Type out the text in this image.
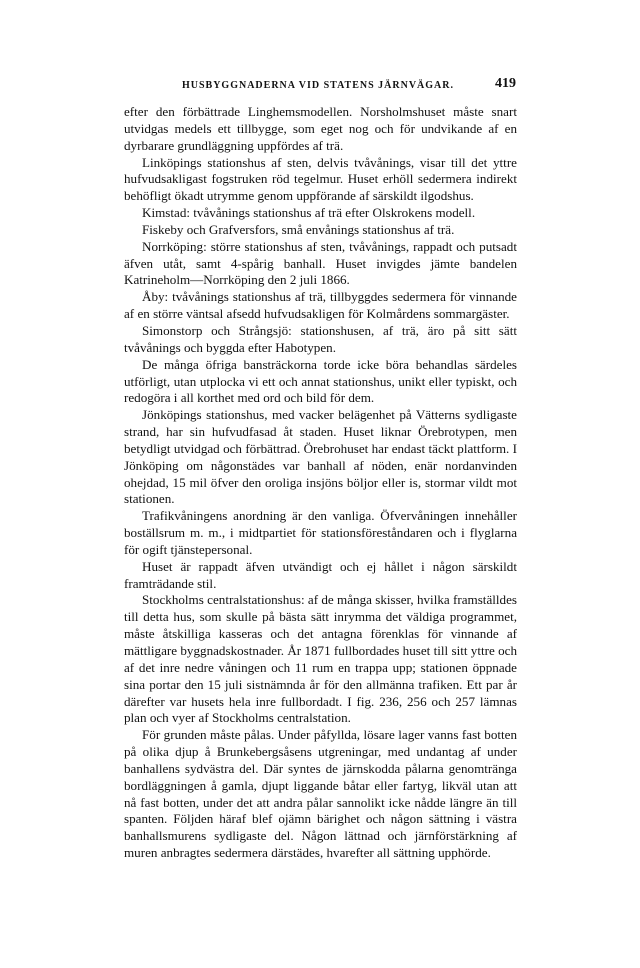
HUSBYGGNADERNA VID STATENS JÄRNVÄGAR.	419

efter den förbättrade Linghemsmodellen. Norsholmshuset måste snart utvidgas medels ett tillbygge, som eget nog och för undvikande af en dyrbarare grundläggning uppfördes af trä.

Linköpings stationshus af sten, delvis tvåvånings, visar till det yttre hufvudsakligast fogstruken röd tegelmur. Huset erhöll sedermera indirekt behöfligt ökadt utrymme genom uppförande af särskildt ilgodshus.

Kimstad: tvåvånings stationshus af trä efter Olskrokens modell.

Fiskeby och Grafversfors, små envånings stationshus af trä.

Norrköping: större stationshus af sten, tvåvånings, rappadt och putsadt äfven utåt, samt 4-spårig banhall. Huset invigdes jämte bandelen Katrineholm—Norrköping den 2 juli 1866.

Åby: tvåvånings stationshus af trä, tillbyggdes sedermera för vinnande af en större väntsal afsedd hufvudsakligen för Kolmårdens sommargäster.

Simonstorp och Strångsjö: stationshusen, af trä, äro på sitt sätt tvåvånings och byggda efter Habotypen.

De många öfriga bansträckorna torde icke böra behandlas särdeles utförligt, utan utplocka vi ett och annat stationshus, unikt eller typiskt, och redogöra i all korthet med ord och bild för dem.

Jönköpings stationshus, med vacker belägenhet på Vätterns sydligaste strand, har sin hufvudfasad åt staden. Huset liknar Örebrotypen, men betydligt utvidgad och förbättrad. Örebrohuset har endast täckt plattform. I Jönköping om någonstädes var banhall af nöden, enär nordanvinden ohejdad, 15 mil öfver den oroliga insjöns böljor eller is, stormar vildt mot stationen.

Trafikvåningens anordning är den vanliga. Öfvervåningen innehåller boställsrum m. m., i midtpartiet för stationsföreståndaren och i flyglarna för ogift tjänstepersonal.

Huset är rappadt äfven utvändigt och ej hållet i någon särskildt framträdande stil.

Stockholms centralstationshus: af de många skisser, hvilka framställdes till detta hus, som skulle på bästa sätt inrymma det väldiga programmet, måste åtskilliga kasseras och det antagna förenklas för vinnande af mättligare byggnadskostnader. År 1871 fullbordades huset till sitt yttre och af det inre nedre våningen och 11 rum en trappa upp; stationen öppnade sina portar den 15 juli sistnämnda år för den allmänna trafiken. Ett par år därefter var husets hela inre fullbordadt. I fig. 236, 256 och 257 lämnas plan och vyer af Stockholms centralstation.

För grunden måste pålas. Under påfyllda, lösare lager vanns fast botten på olika djup å Brunkebergsåsens utgreningar, med undantag af under banhallens sydvästra del. Där syntes de järnskodda pålarna genomtränga bordläggningen å gamla, djupt liggande båtar eller fartyg, likväl utan att nå fast botten, under det att andra pålar sannolikt icke nådde längre än till spanten. Följden häraf blef ojämn bärighet och någon sättning i västra banhallsmurens sydligaste del. Någon lättnad och järnförstärkning af muren anbragtes sedermera därstädes, hvarefter all sättning upphörde.
